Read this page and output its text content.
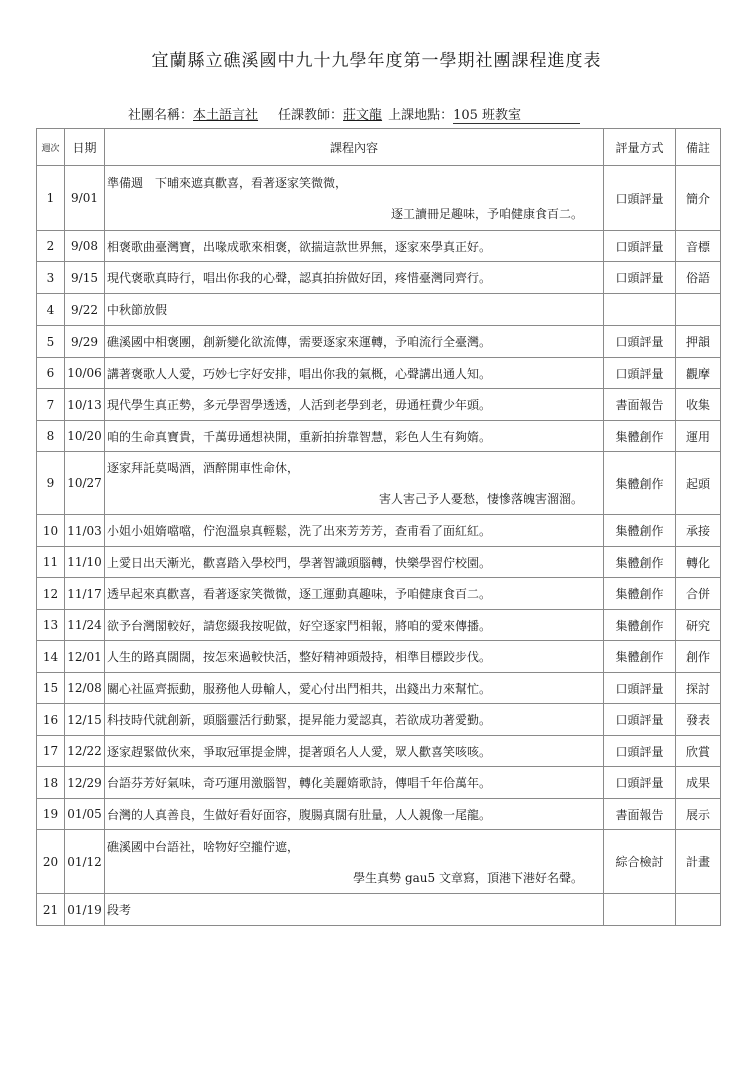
宜蘭縣立礁溪國中九十九學年度第一學期社團課程進度表
社團名稱：本土語言社 任課教師：莊文龍 上課地點：105 班教室
週次	日期	課程內容	評量方式	備註
1	9/01	準備週　下晡來遮真歡喜，看著逐家笑微微，
逐工讀冊足趣味，予咱健康食百二。	口頭評量	簡介
2	9/08	相褒歌曲臺灣寶，出喙成歌來相褒，欲揣這款世界無，逐家來學真正好。	口頭評量	音標
3	9/15	現代褒歌真時行，唱出你我的心聲，認真拍拚做好囝，疼惜臺灣同齊行。	口頭評量	俗語
4	9/22	中秋節放假		

5	9/29	礁溪國中相褒團，創新變化欲流傳，需要逐家來運轉，予咱流行全臺灣。	口頭評量	押韻
6	10/06	講著褒歌人人愛，巧妙七字好安排，唱出你我的氣概，心聲講出通人知。	口頭評量	觀摩
7	10/13	現代學生真正勢，多元學習學透透，人活到老學到老，毋通枉費少年頭。	書面報告	收集
8	10/20	咱的生命真寶貴，千萬毋通想袂開，重新拍拚靠智慧，彩色人生有夠媠。	集體創作	運用
9	10/27	逐家拜託莫喝酒，酒醉開車性命休，
害人害己予人憂愁，悽慘落魄害溜溜。	集體創作	起頭
10	11/03	小姐小姐媠噹噹，佇泡溫泉真輕鬆，洗了出來芳芳芳，查甫看了面紅紅。	集體創作	承接
11	11/10	上愛日出天漸光，歡喜踏入學校門，學著智識頭腦轉，快樂學習佇校園。	集體創作	轉化
12	11/17	透早起來真歡喜，看著逐家笑微微，逐工運動真趣味，予咱健康食百二。	集體創作	合併
13	11/24	欲予台灣閣較好，請您綴我按呢做，好空逐家鬥相報，將咱的愛來傳播。	集體創作	研究
14	12/01	人生的路真闊闊，按怎來過較快活，整好精神頭殼持，相準目標跤步伐。	集體創作	創作
15	12/08	關心社區齊振動，服務他人毋輸人，愛心付出鬥相共，出錢出力來幫忙。	口頭評量	探討
16	12/15	科技時代就創新，頭腦靈活行動緊，提昇能力愛認真，若欲成功著愛勤。	口頭評量	發表
17	12/22	逐家趕緊做伙來，爭取冠軍提金牌，提著頭名人人愛，眾人歡喜笑咳咳。	口頭評量	欣賞
18	12/29	台語芬芳好氣味，奇巧運用激腦智，轉化美麗媠歌詩，傳唱千年佮萬年。	口頭評量	成果
19	01/05	台灣的人真善良，生做好看好面容，腹腸真闊有肚量，人人親像一尾龍。	書面報告	展示
20	01/12	礁溪國中台語社，啥物好空攏佇遮，
學生真勢 gau5 文章寫，頂港下港好名聲。	綜合檢討	計畫
21	01/19	段考		
